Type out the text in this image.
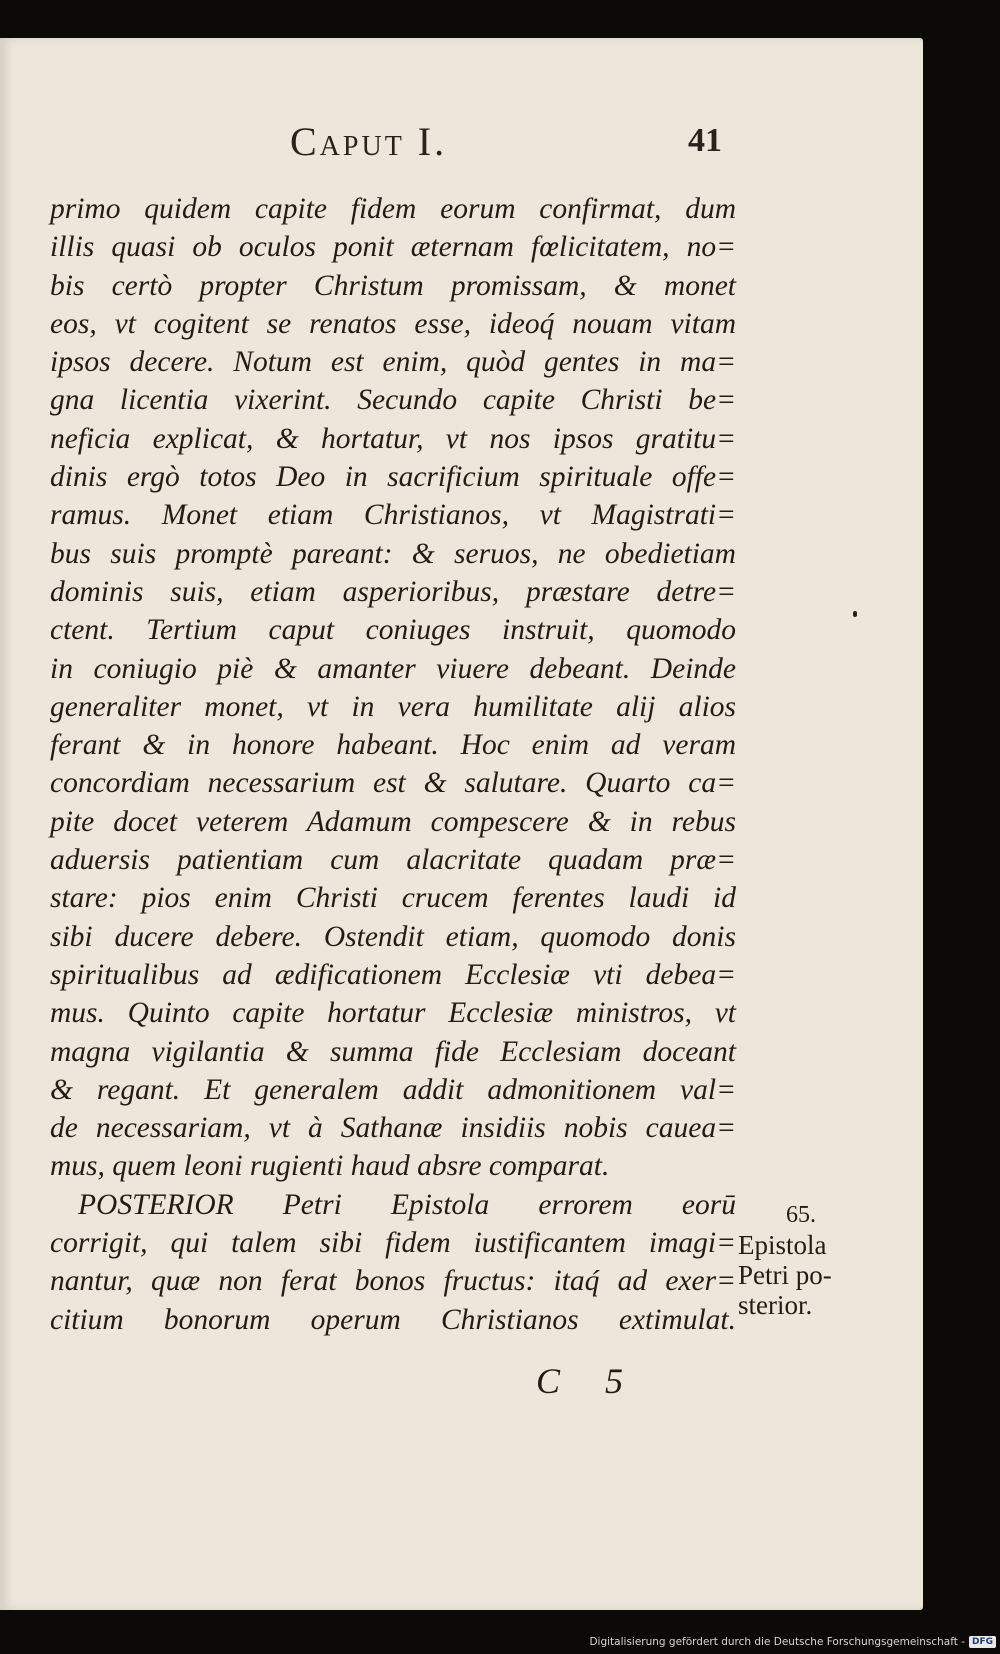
Caput I.	41
primo quidem capite fidem eorum confirmat, dum
illis quasi ob oculos ponit æternam fœlicitatem, no=
bis certò propter Christum promissam, & monet
eos, vt cogitent se renatos esse, ideoq́ nouam vitam
ipsos decere. Notum est enim, quòd gentes in ma=
gna licentia vixerint. Secundo capite Christi be=
neficia explicat, & hortatur, vt nos ipsos gratitu=
dinis ergò totos Deo in sacrificium spirituale offe=
ramus. Monet etiam Christianos, vt Magistrati=
bus suis promptè pareant: & seruos, ne obedietiam
dominis suis, etiam asperioribus, præstare detre=
ctent. Tertium caput coniuges instruit, quomodo
in coniugio piè & amanter viuere debeant. Deinde
generaliter monet, vt in vera humilitate alij alios
ferant & in honore habeant. Hoc enim ad veram
concordiam necessarium est & salutare. Quarto ca=
pite docet veterem Adamum compescere & in rebus
aduersis patientiam cum alacritate quadam præ=
stare: pios enim Christi crucem ferentes laudi id
sibi ducere debere. Ostendit etiam, quomodo donis
spiritualibus ad ædificationem Ecclesiæ vti debea=
mus. Quinto capite hortatur Ecclesiæ ministros, vt
magna vigilantia & summa fide Ecclesiam doceant
& regant. Et generalem addit admonitionem val=
de necessariam, vt à Sathanæ insidiis nobis cauea=
mus, quem leoni rugienti haud absre comparat.
POSTERIOR Petri Epistola errorem eorū
corrigit, qui talem sibi fidem iustificantem imagi=
nantur, quæ non ferat bonos fructus: itaq́ ad exer=
citium bonorum operum Christianos extimulat.
65.
Epistola
Petri po-
sterior.
C 5
Digitalisierung gefördert durch die Deutsche Forschungsgemeinschaft - DFG
